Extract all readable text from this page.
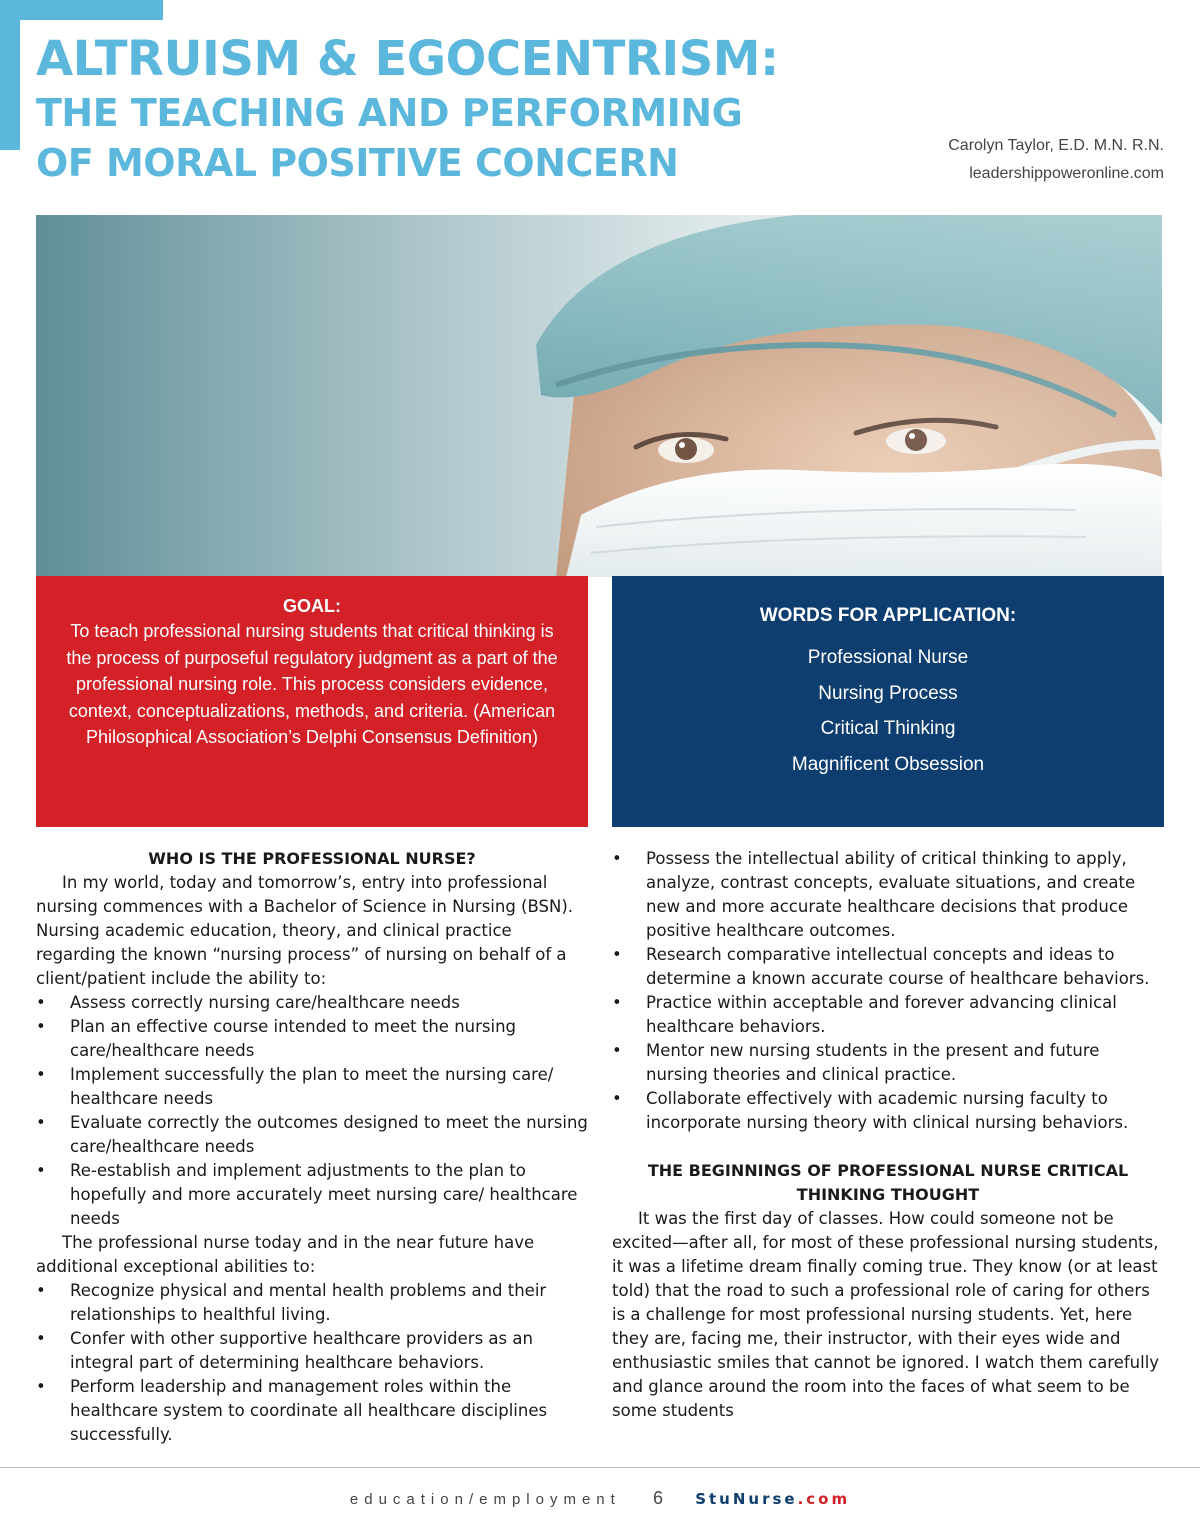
ALTRUISM & EGOCENTRISM:
THE TEACHING AND PERFORMING
OF MORAL POSITIVE CONCERN	Carolyn Taylor, E.D. M.N. R.N.
leadershippoweronline.com
GOAL:
To teach professional nursing students that critical thinking is the process of purposeful regulatory judgment as a part of the professional nursing role. This process considers evidence, context, conceptualizations, methods, and criteria. (American Philosophical Association’s Delphi Consensus Definition)
WORDS FOR APPLICATION:
Professional Nurse
Nursing Process
Critical Thinking
Magnificent Obsession
WHO IS THE PROFESSIONAL NURSE?

In my world, today and tomorrow’s, entry into professional nursing commences with a Bachelor of Science in Nursing (BSN). Nursing academic education, theory, and clinical practice regarding the known “nursing process” of nursing on behalf of a client/patient include the ability to:

• Assess correctly nursing care/healthcare needs
• Plan an effective course intended to meet the nursing care/healthcare needs
• Implement successfully the plan to meet the nursing care/ healthcare needs
• Evaluate correctly the outcomes designed to meet the nursing care/healthcare needs
• Re-establish and implement adjustments to the plan to hopefully and more accurately meet nursing care/ healthcare needs

The professional nurse today and in the near future have additional exceptional abilities to:

• Recognize physical and mental health problems and their relationships to healthful living.
• Confer with other supportive healthcare providers as an integral part of determining healthcare behaviors.
• Perform leadership and management roles within the healthcare system to coordinate all healthcare disciplines successfully.
• Possess the intellectual ability of critical thinking to apply, analyze, contrast concepts, evaluate situations, and create new and more accurate healthcare decisions that produce positive healthcare outcomes.
• Research comparative intellectual concepts and ideas to determine a known accurate course of healthcare behaviors.
• Practice within acceptable and forever advancing clinical healthcare behaviors.
• Mentor new nursing students in the present and future nursing theories and clinical practice.
• Collaborate effectively with academic nursing faculty to incorporate nursing theory with clinical nursing behaviors.
THE BEGINNINGS OF PROFESSIONAL NURSE CRITICAL THINKING THOUGHT

It was the first day of classes. How could someone not be excited—after all, for most of these professional nursing students, it was a lifetime dream finally coming true. They know (or at least told) that the road to such a professional role of caring for others is a challenge for most professional nursing students. Yet, here they are, facing me, their instructor, with their eyes wide and enthusiastic smiles that cannot be ignored. I watch them carefully and glance around the room into the faces of what seem to be some students

education/employment 6 StuNurse.com
